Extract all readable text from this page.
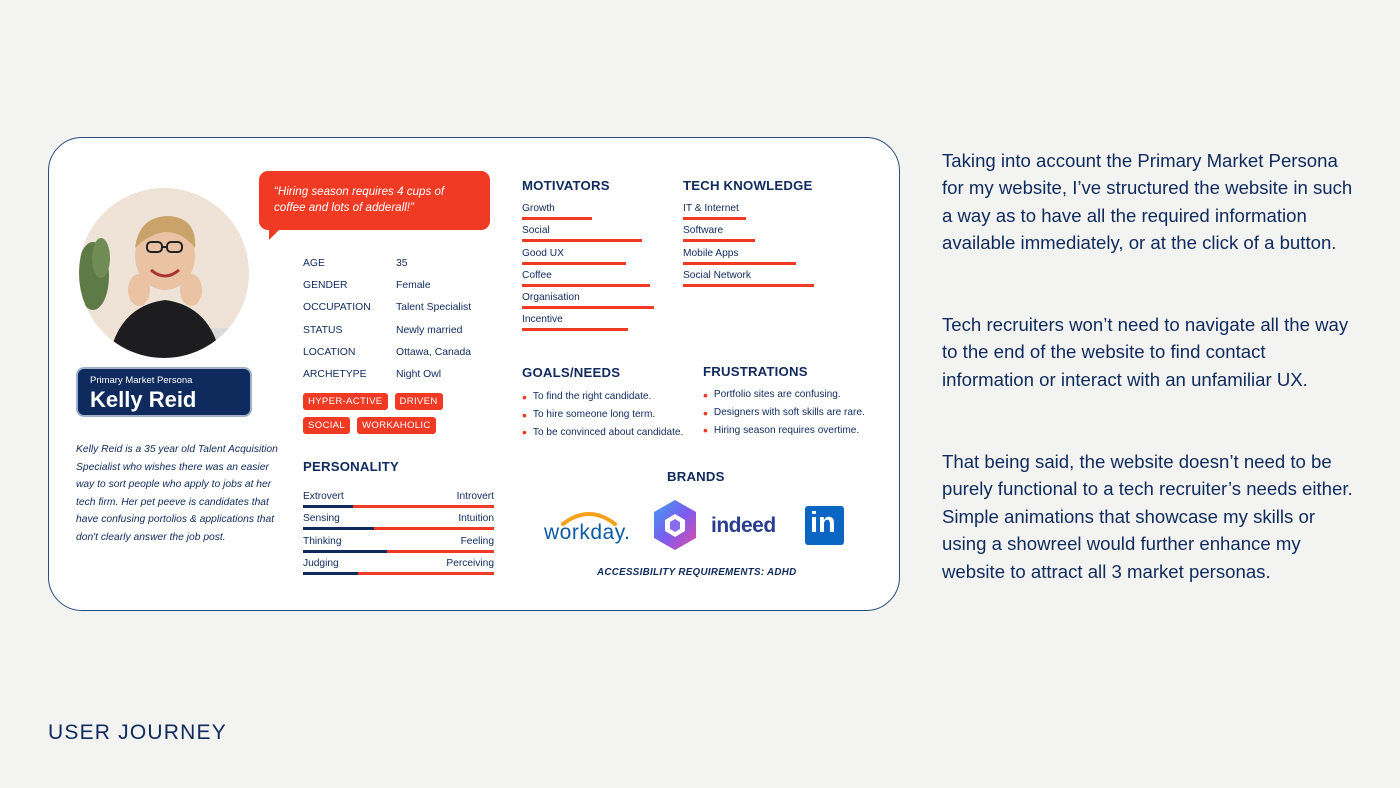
Primary Market Persona
Kelly Reid

Kelly Reid is a 35 year old Talent Acquisition Specialist who wishes there was an easier way to sort people who apply to jobs at her tech firm. Her pet peeve is candidates that have confusing portolios & applications that don't clearly answer the job post.

“Hiring season requires 4 cups of coffee and lots of adderall!”
AGE	35
GENDER	Female
OCCUPATION	Talent Specialist
STATUS	Newly married
LOCATION	Ottawa, Canada
ARCHETYPE	Night Owl
HYPER-ACTIVE	DRIVEN
SOCIAL	WORKAHOLIC
PERSONALITY
Extrovert	Introvert
Sensing	Intuition
Thinking	Feeling
Judging	Perceiving
MOTIVATORS
Growth
Social
Good UX
Coffee
Organisation
Incentive
TECH KNOWLEDGE
IT & Internet
Software
Mobile Apps
Social Network
GOALS/NEEDS
• To find the right candidate.
• To hire someone long term.
• To be convinced about candidate.
FRUSTRATIONS
• Portfolio sites are confusing.
• Designers with soft skills are rare.
• Hiring season requires overtime.
BRANDS
workday.	indeed in
ACCESSIBILITY REQUIREMENTS: ADHD

Taking into account the Primary Market Persona for my website, I’ve structured the website in such a way as to have all the required information available immediately, or at the click of a button.

Tech recruiters won’t need to navigate all the way to the end of the website to find contact information or interact with an unfamiliar UX.

That being said, the website doesn’t need to be purely functional to a tech recruiter’s needs either. Simple animations that showcase my skills or using a showreel would further enhance my website to attract all 3 market personas.

USER JOURNEY
